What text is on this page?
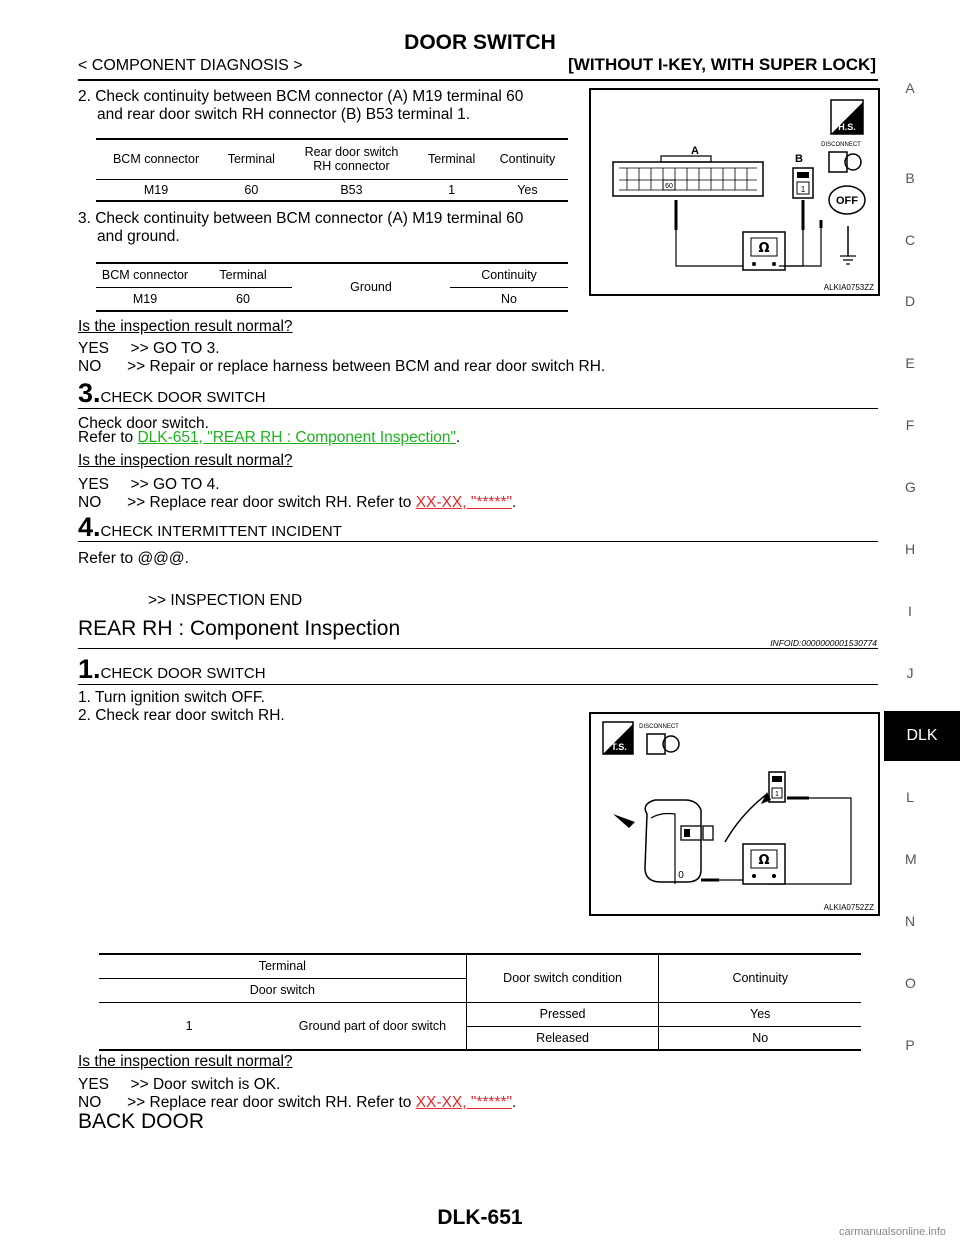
DOOR SWITCH
< COMPONENT DIAGNOSIS >	[WITHOUT I-KEY, WITH SUPER LOCK]
A
B
C
D
E
F
G
H
I
J
DLK
L
M
N
O
P
2. Check continuity between BCM connector (A) M19 terminal 60
and rear door switch RH connector (B) B53 terminal 1.
BCM connector	Terminal	Rear door switch
RH connector	Terminal	Continuity
M19	60	B53	1	Yes
3. Check continuity between BCM connector (A) M19 terminal 60
and ground.
BCM connector	Terminal	Ground	Continuity
M19	60		No
H.S.
DISCONNECT
OFF
A
60
B
1
Ω
ALKIA0753ZZ
Is the inspection result normal?
YES     >> GO TO 3.
NO      >> Repair or replace harness between BCM and rear door switch RH.
3.CHECK DOOR SWITCH
Check door switch.
Refer to DLK-651, "REAR RH : Component Inspection".
Is the inspection result normal?
YES     >> GO TO 4.
NO      >> Replace rear door switch RH. Refer to XX-XX, "*****".
4.CHECK INTERMITTENT INCIDENT
Refer to @@@.
>> INSPECTION END
REAR RH : Component Inspection
INFOID:0000000001530774
1.CHECK DOOR SWITCH
1. Turn ignition switch OFF.
2. Check rear door switch RH.
T.S.
DISCONNECT
1
0
Ω
ALKIA0752ZZ
Terminal		Door switch condition	Continuity
Door switch			
1	Ground part of door switch	Pressed	Yes
		Released	No
Is the inspection result normal?
YES     >> Door switch is OK.
NO      >> Replace rear door switch RH. Refer to XX-XX, "*****".
BACK DOOR
DLK-651
carmanualsonline.info
